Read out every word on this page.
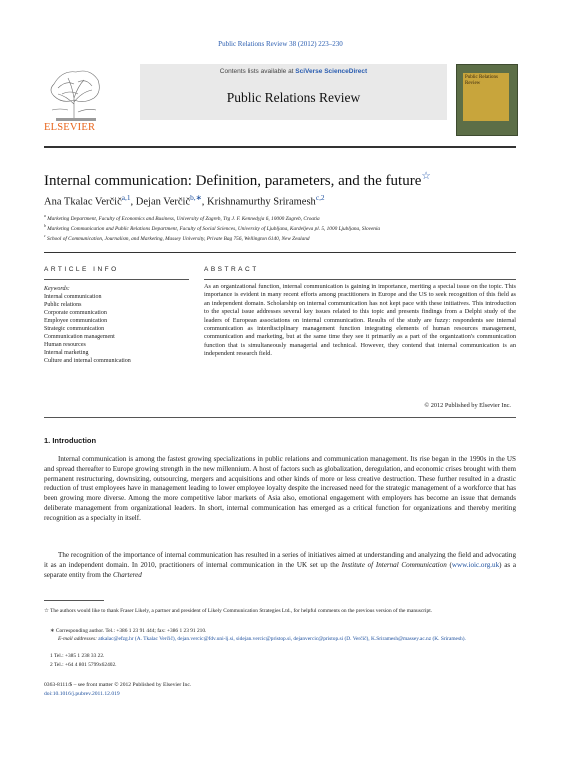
Public Relations Review 38 (2012) 223–230
Contents lists available at SciVerse ScienceDirect
Public Relations Review
ELSEVIER
Public Relations Review
Internal communication: Definition, parameters, and the future☆
Ana Tkalac Verčič$^{a,1}$, Dejan Verčič$^{b,∗}$, Krishnamurthy Sriramesh$^{c,2}$
$^a$ Marketing Department, Faculty of Economics and Business, University of Zagreb, Trg J. F. Kennedyja 6, 10000 Zagreb, Croatia
$^b$ Marketing Communication and Public Relations Department, Faculty of Social Sciences, University of Ljubljana, Kardeljeva pl. 5, 1000 Ljubljana, Slovenia
$^c$ School of Communication, Journalism, and Marketing, Massey University, Private Bag 756, Wellington 6140, New Zealand
ARTICLE INFO	ABSTRACT
Keywords:
Internal communication
Public relations
Corporate communication
Employee communication
Strategic communication
Communication management
Human resources
Internal marketing
Culture and internal communication
As an organizational function, internal communication is gaining in importance, meriting a special issue on the topic. This importance is evident in many recent efforts among practitioners in Europe and the US to seek recognition of this field as an independent domain. Scholarship on internal communication has not kept pace with these initiatives. This introduction to the special issue addresses several key issues related to this topic and presents findings from a Delphi study of the leaders of European associations on internal communication. Results of the study are fuzzy: respondents see internal communication as interdisciplinary management function integrating elements of human resources management, communication and marketing, but at the same time they see it primarily as a part of the organization's communication function that is simultaneously managerial and technical. However, they contend that internal communication is an independent research field.
© 2012 Published by Elsevier Inc.
1. Introduction
Internal communication is among the fastest growing specializations in public relations and communication management. Its rise began in the 1990s in the US and spread thereafter to Europe growing strength in the new millennium. A host of factors such as globalization, deregulation, and economic crises brought with them permanent restructuring, downsizing, outsourcing, mergers and acquisitions and other kinds of more or less creative destruction. These further resulted in a drastic reduction of trust employees have in management leading to lower employee loyalty despite the increased need for the strategic management of a workforce that has been growing more diverse. Among the more competitive labor markets of Asia also, emotional engagement with employers has become an issue that demands deliberate management from organizational leaders. In short, internal communication has emerged as a critical function for organizations and thereby meriting recognition as a specialty in itself.
The recognition of the importance of internal communication has resulted in a series of initiatives aimed at understanding and analyzing the field and advocating it as an independent domain. In 2010, practitioners of internal communication in the UK set up the Institute of Internal Communication (www.ioic.org.uk) as a separate entity from the Chartered
☆ The authors would like to thank Fraser Likely, a partner and president of Likely Communication Strategies Ltd., for helpful comments on the previous version of the manuscript.
∗ Corresponding author. Tel.: +386 1 23 91 444; fax: +386 1 23 91 210.
E-mail addresses: atkalac@efzg.hr (A. Tkalac Verčič), dejan.vercic@fdv.uni-lj.si, sidejan.vercic@pristop.si, dejanvercic@pristop.si (D. Verčič), K.Sriramesh@massey.ac.nz (K. Sriramesh).
1 Tel.: +385 1 238 33 22.
2 Tel.: +64 4 801 5799x62402.
0363-8111/$ – see front matter © 2012 Published by Elsevier Inc.
doi:10.1016/j.pubrev.2011.12.019
